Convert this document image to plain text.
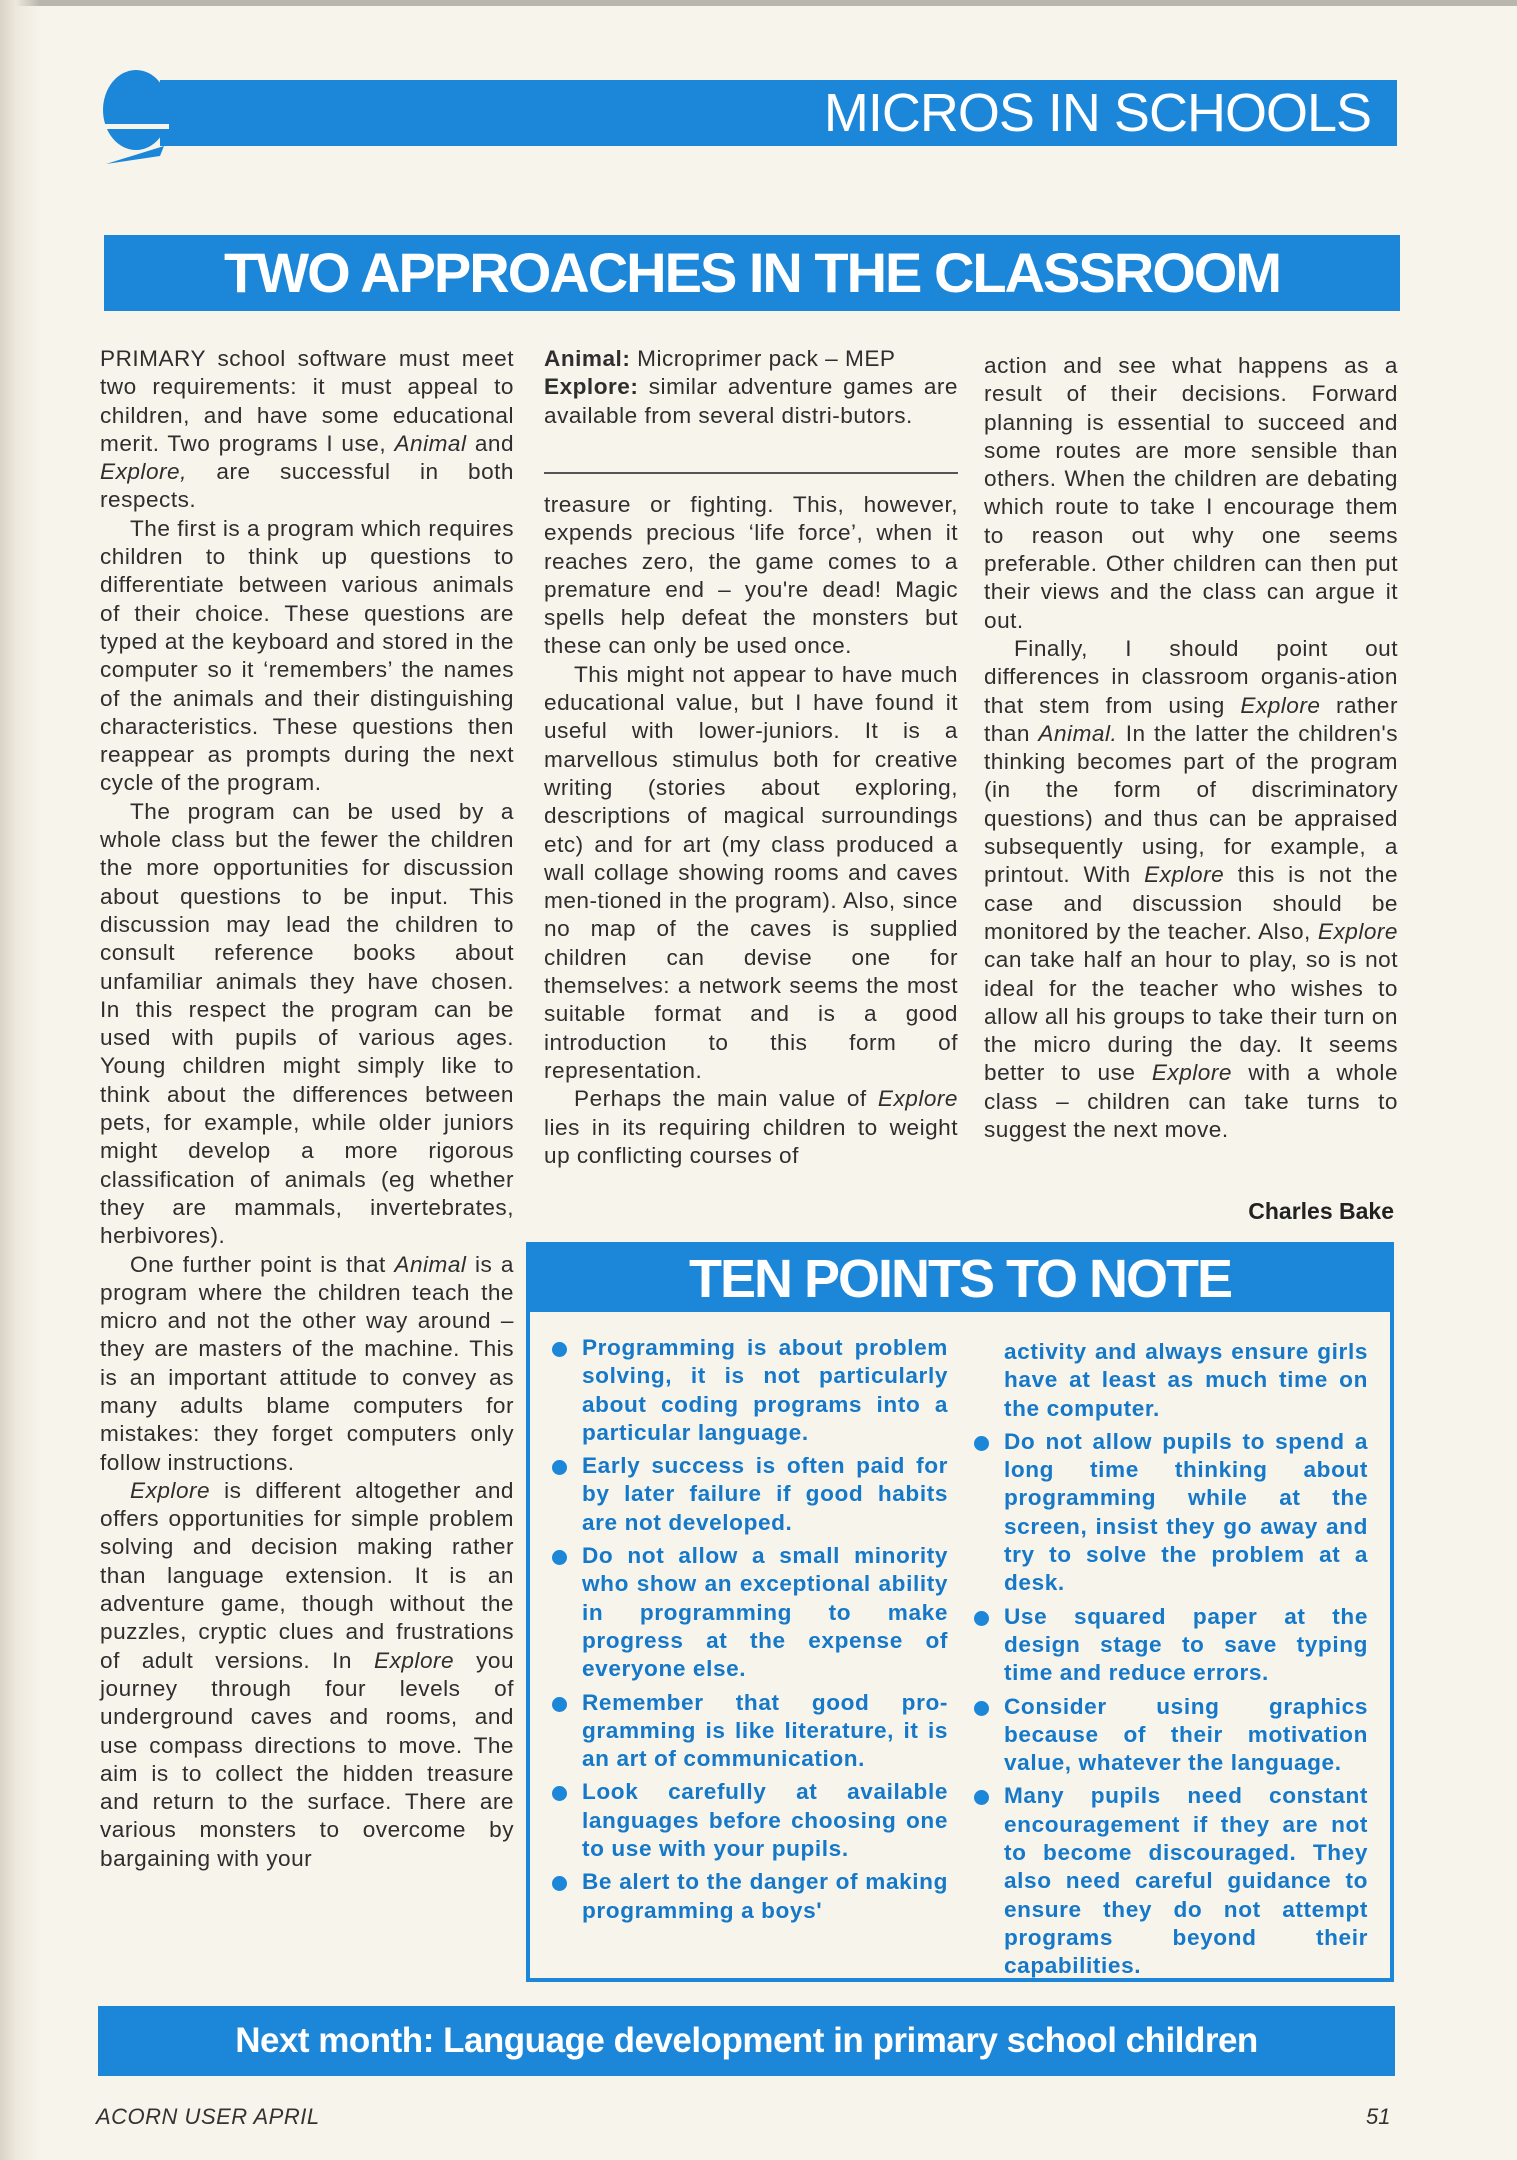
MICROS IN SCHOOLS
TWO APPROACHES IN THE CLASSROOM

PRIMARY school software must meet two requirements: it must appeal to children, and have some educational merit. Two programs I use, Animal and Explore, are successful in both respects.

The first is a program which requires children to think up questions to differentiate between various animals of their choice. These questions are typed at the keyboard and stored in the computer so it ‘remembers’ the names of the animals and their distinguishing characteristics. These questions then reappear as prompts during the next cycle of the program.

The program can be used by a whole class but the fewer the children the more opportunities for discussion about questions to be input. This discussion may lead the children to consult reference books about unfamiliar animals they have chosen. In this respect the program can be used with pupils of various ages. Young children might simply like to think about the differences between pets, for example, while older juniors might develop a more rigorous classification of animals (eg whether they are mammals, invertebrates, herbivores).

One further point is that Animal is a program where the children teach the micro and not the other way around – they are masters of the machine. This is an important attitude to convey as many adults blame computers for mistakes: they forget computers only follow instructions.

Explore is different altogether and offers opportunities for simple problem solving and decision making rather than language extension. It is an adventure game, though without the puzzles, cryptic clues and frustrations of adult versions. In Explore you journey through four levels of underground caves and rooms, and use compass directions to move. The aim is to collect the hidden treasure and return to the surface. There are various monsters to overcome by bargaining with your

Animal: Microprimer pack – MEP

Explore: similar adventure games are available from several distri-butors.

treasure or fighting. This, however, expends precious ‘life force’, when it reaches zero, the game comes to a premature end – you're dead! Magic spells help defeat the monsters but these can only be used once.

This might not appear to have much educational value, but I have found it useful with lower-juniors. It is a marvellous stimulus both for creative writing (stories about exploring, descriptions of magical surroundings etc) and for art (my class produced a wall collage showing rooms and caves men-tioned in the program). Also, since no map of the caves is supplied children can devise one for themselves: a network seems the most suitable format and is a good introduction to this form of representation.

Perhaps the main value of Explore lies in its requiring children to weight up conflicting courses of

action and see what happens as a result of their decisions. Forward planning is essential to succeed and some routes are more sensible than others. When the children are debating which route to take I encourage them to reason out why one seems preferable. Other children can then put their views and the class can argue it out.

Finally, I should point out differences in classroom organis-ation that stem from using Explore rather than Animal. In the latter the children's thinking becomes part of the program (in the form of discriminatory questions) and thus can be appraised subsequently using, for example, a printout. With Explore this is not the case and discussion should be monitored by the teacher. Also, Explore can take half an hour to play, so is not ideal for the teacher who wishes to allow all his groups to take their turn on the micro during the day. It seems better to use Explore with a whole class – children can take turns to suggest the next move.

Charles Bake
TEN POINTS TO NOTE
Programming is about problem solving, it is not particularly about coding programs into a particular language.
Early success is often paid for by later failure if good habits are not developed.
Do not allow a small minority who show an exceptional ability in programming to make progress at the expense of everyone else.
Remember that good pro-gramming is like literature, it is an art of communication.
Look carefully at available languages before choosing one to use with your pupils.
Be alert to the danger of making programming a boys'
activity and always ensure girls have at least as much time on the computer.
Do not allow pupils to spend a long time thinking about programming while at the screen, insist they go away and try to solve the problem at a desk.
Use squared paper at the design stage to save typing time and reduce errors.
Consider using graphics because of their motivation value, whatever the language.
Many pupils need constant encouragement if they are not to become discouraged. They also need careful guidance to ensure they do not attempt programs beyond their capabilities.
Next month: Language development in primary school children
ACORN USER APRIL	51
